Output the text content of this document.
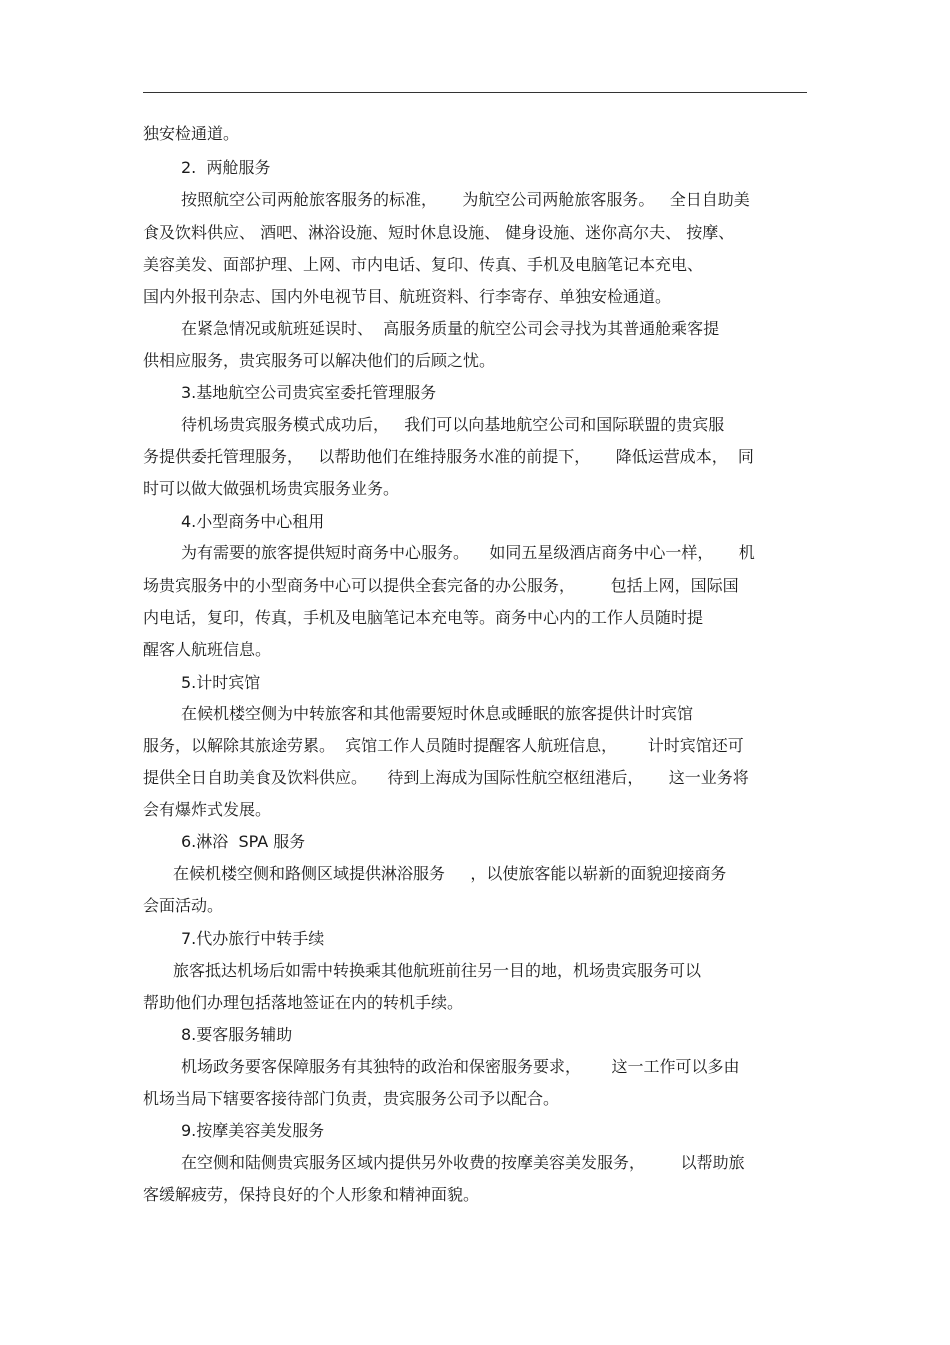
独安检通道。
2.  两舱服务
按照航空公司两舱旅客服务的标准，     为航空公司两舱旅客服务。   全日自助美
食及饮料供应、 酒吧、淋浴设施、短时休息设施、 健身设施、迷你高尔夫、 按摩、
美容美发、面部护理、上网、市内电话、复印、传真、手机及电脑笔记本充电、
国内外报刊杂志、国内外电视节目、航班资料、行李寄存、单独安检通道。
在紧急情况或航班延误时、  高服务质量的航空公司会寻找为其普通舱乘客提
供相应服务，贵宾服务可以解决他们的后顾之忧。
3.基地航空公司贵宾室委托管理服务
待机场贵宾服务模式成功后，   我们可以向基地航空公司和国际联盟的贵宾服
务提供委托管理服务，   以帮助他们在维持服务水准的前提下，     降低运营成本，  同
时可以做大做强机场贵宾服务业务。
4.小型商务中心租用
为有需要的旅客提供短时商务中心服务。    如同五星级酒店商务中心一样，     机
场贵宾服务中的小型商务中心可以提供全套完备的办公服务，       包括上网，国际国
内电话，复印，传真，手机及电脑笔记本充电等。商务中心内的工作人员随时提
醒客人航班信息。
5.计时宾馆
在候机楼空侧为中转旅客和其他需要短时休息或睡眠的旅客提供计时宾馆
服务，以解除其旅途劳累。  宾馆工作人员随时提醒客人航班信息，      计时宾馆还可
提供全日自助美食及饮料供应。    待到上海成为国际性航空枢纽港后，     这一业务将
会有爆炸式发展。
6.淋浴  SPA 服务
在候机楼空侧和路侧区域提供淋浴服务     ，以使旅客能以崭新的面貌迎接商务
会面活动。
7.代办旅行中转手续
旅客抵达机场后如需中转换乘其他航班前往另一目的地，机场贵宾服务可以
帮助他们办理包括落地签证在内的转机手续。
8.要客服务辅助
机场政务要客保障服务有其独特的政治和保密服务要求，      这一工作可以多由
机场当局下辖要客接待部门负责，贵宾服务公司予以配合。
9.按摩美容美发服务
在空侧和陆侧贵宾服务区域内提供另外收费的按摩美容美发服务，       以帮助旅
客缓解疲劳，保持良好的个人形象和精神面貌。
